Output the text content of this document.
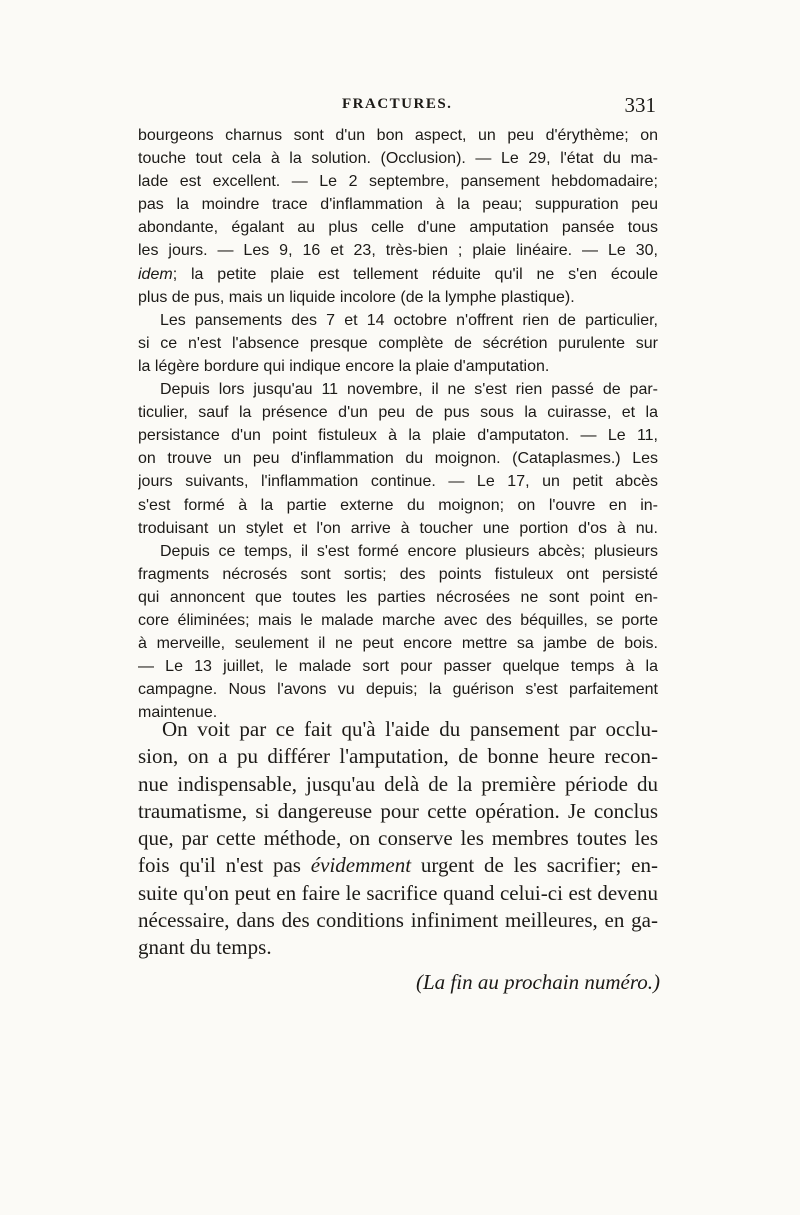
FRACTURES.	331
bourgeons charnus sont d'un bon aspect, un peu d'érythème; on
touche tout cela à la solution. (Occlusion). — Le 29, l'état du ma-
lade est excellent. — Le 2 septembre, pansement hebdomadaire;
pas la moindre trace d'inflammation à la peau; suppuration peu
abondante, égalant au plus celle d'une amputation pansée tous
les jours. — Les 9, 16 et 23, très-bien ; plaie linéaire. — Le 30,
idem; la petite plaie est tellement réduite qu'il ne s'en écoule
plus de pus, mais un liquide incolore (de la lymphe plastique).
Les pansements des 7 et 14 octobre n'offrent rien de particulier,
si ce n'est l'absence presque complète de sécrétion purulente sur
la légère bordure qui indique encore la plaie d'amputation.
Depuis lors jusqu'au 11 novembre, il ne s'est rien passé de par-
ticulier, sauf la présence d'un peu de pus sous la cuirasse, et la
persistance d'un point fistuleux à la plaie d'amputaton. — Le 11,
on trouve un peu d'inflammation du moignon. (Cataplasmes.) Les
jours suivants, l'inflammation continue. — Le 17, un petit abcès
s'est formé à la partie externe du moignon; on l'ouvre en in-
troduisant un stylet et l'on arrive à toucher une portion d'os à nu.
Depuis ce temps, il s'est formé encore plusieurs abcès; plusieurs
fragments nécrosés sont sortis; des points fistuleux ont persisté
qui annoncent que toutes les parties nécrosées ne sont point en-
core éliminées; mais le malade marche avec des béquilles, se porte
à merveille, seulement il ne peut encore mettre sa jambe de bois.
— Le 13 juillet, le malade sort pour passer quelque temps à la
campagne. Nous l'avons vu depuis; la guérison s'est parfaitement
maintenue.
On voit par ce fait qu'à l'aide du pansement par occlu-
sion, on a pu différer l'amputation, de bonne heure recon-
nue indispensable, jusqu'au delà de la première période du
traumatisme, si dangereuse pour cette opération. Je conclus
que, par cette méthode, on conserve les membres toutes les
fois qu'il n'est pas évidemment urgent de les sacrifier; en-
suite qu'on peut en faire le sacrifice quand celui-ci est devenu
nécessaire, dans des conditions infiniment meilleures, en ga-
gnant du temps.
(La fin au prochain numéro.)
